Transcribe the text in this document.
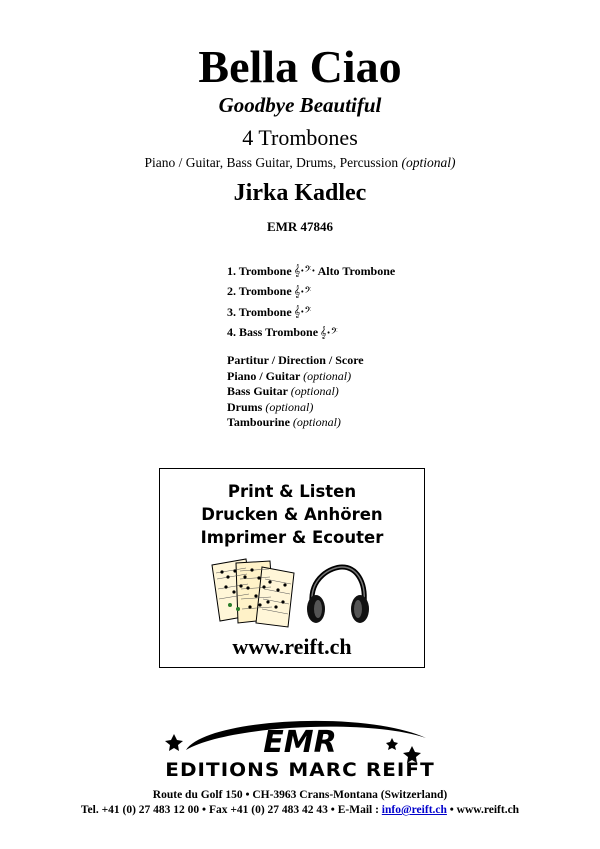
Bella Ciao
Goodbye Beautiful
4 Trombones
Piano / Guitar, Bass Guitar, Drums, Percussion (optional)
Jirka Kadlec
EMR 47846
1. Trombone 𝄞•𝄢• Alto Trombone
2. Trombone 𝄞•𝄢
3. Trombone 𝄞•𝄢
4. Bass Trombone 𝄞•𝄢
Partitur / Direction / Score
Piano / Guitar (optional)
Bass Guitar (optional)
Drums (optional)
Tambourine (optional)
Print & Listen
Drucken & Anhören
Imprimer & Ecouter
www.reift.ch
EMR
EDITIONS MARC REIFT
Route du Golf 150 • CH-3963 Crans-Montana (Switzerland)
Tel. +41 (0) 27 483 12 00 • Fax +41 (0) 27 483 42 43 • E-Mail : info@reift.ch • www.reift.ch
